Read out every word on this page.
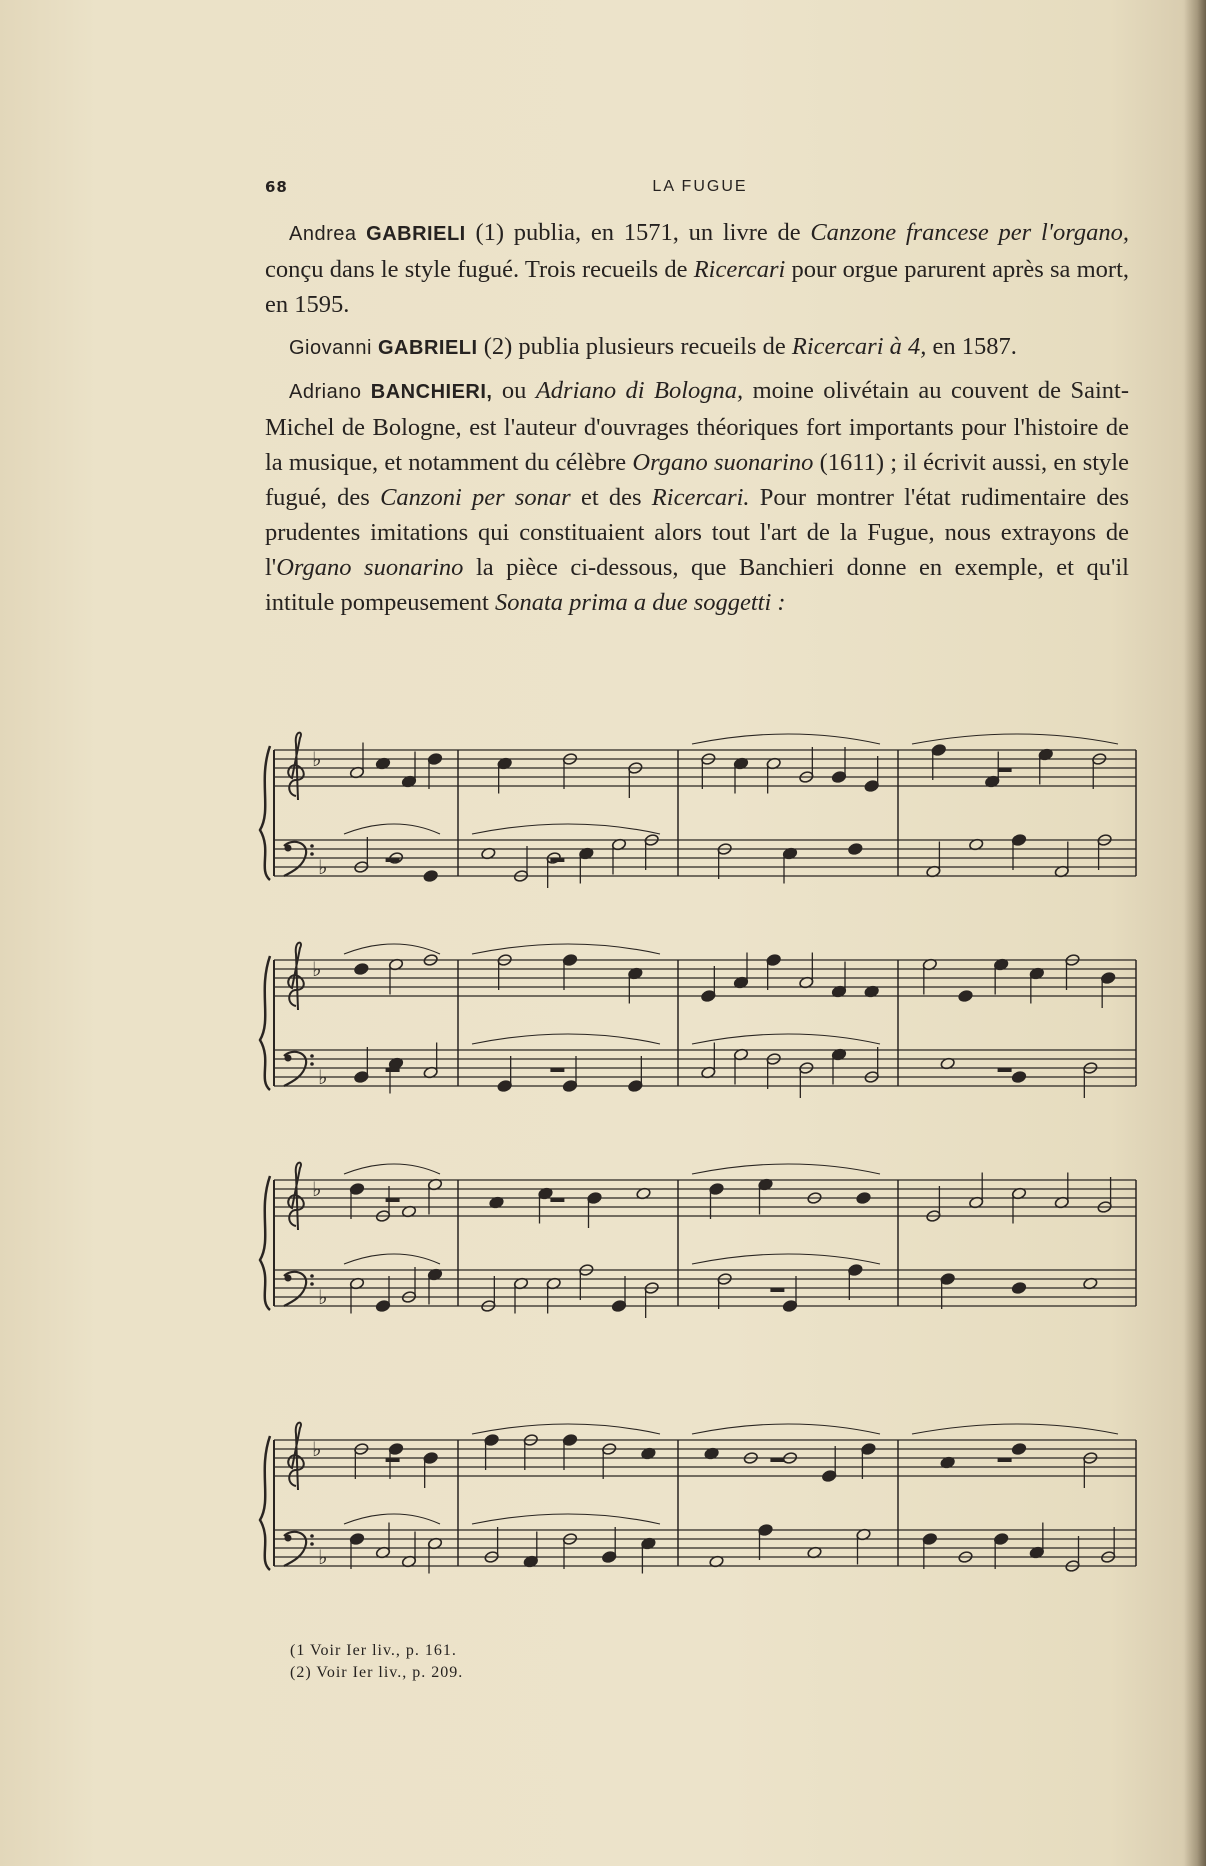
68	LA FUGUE

Andrea GABRIELI (1) publia, en 1571, un livre de Canzone francese per l'organo, conçu dans le style fugué. Trois recueils de Ricercari pour orgue parurent après sa mort, en 1595.

Giovanni GABRIELI (2) publia plusieurs recueils de Ricercari à 4, en 1587.

Adriano BANCHIERI, ou Adriano di Bologna, moine olivétain au couvent de Saint-Michel de Bologne, est l'auteur d'ouvrages théoriques fort importants pour l'histoire de la musique, et notamment du célèbre Organo suonarino (1611) ; il écrivit aussi, en style fugué, des Canzoni per sonar et des Ricercari. Pour montrer l'état rudimentaire des prudentes imitations qui constituaient alors tout l'art de la Fugue, nous extrayons de l'Organo suonarino la pièce ci-dessous, que Banchieri donne en exemple, et qu'il intitule pompeusement Sonata prima a due soggetti :

♭
♭
♭
♭
♭
♭
♭
♭
(1 Voir Ier liv., p. 161.
(2) Voir Ier liv., p. 209.
